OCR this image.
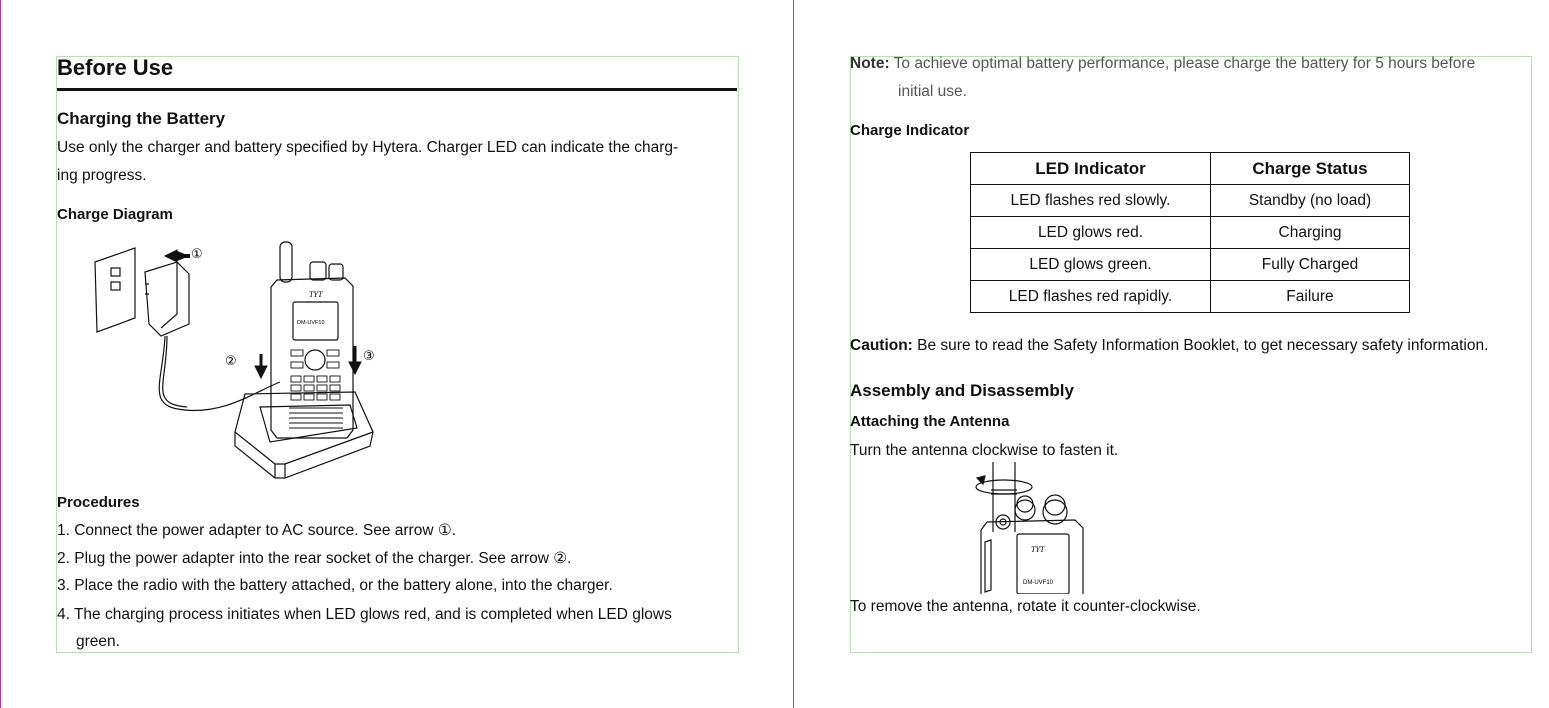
Before Use
Charging the Battery
Use only the charger and battery specified by Hytera. Charger LED can indicate the charg-
ing progress.
Charge Diagram
TYT
DM-UVF10
①
②	③
Procedures
1. Connect the power adapter to AC source. See arrow ①.
2. Plug the power adapter into the rear socket of the charger. See arrow ②.
3. Place the radio with the battery attached, or the battery alone, into the charger.
4. The charging process initiates when LED glows red, and is completed when LED glows
green.
Note: To achieve optimal battery performance, please charge the battery for 5 hours before
initial use.
Charge Indicator
LED Indicator	Charge Status
LED flashes red slowly.	Standby (no load)
LED glows red.	Charging
LED glows green.	Fully Charged
LED flashes red rapidly.	Failure
Caution: Be sure to read the Safety Information Booklet, to get necessary safety information.
Assembly and Disassembly
Attaching the Antenna
Turn the antenna clockwise to fasten it.
TYT
DM-UVF10
To remove the antenna, rotate it counter-clockwise.
